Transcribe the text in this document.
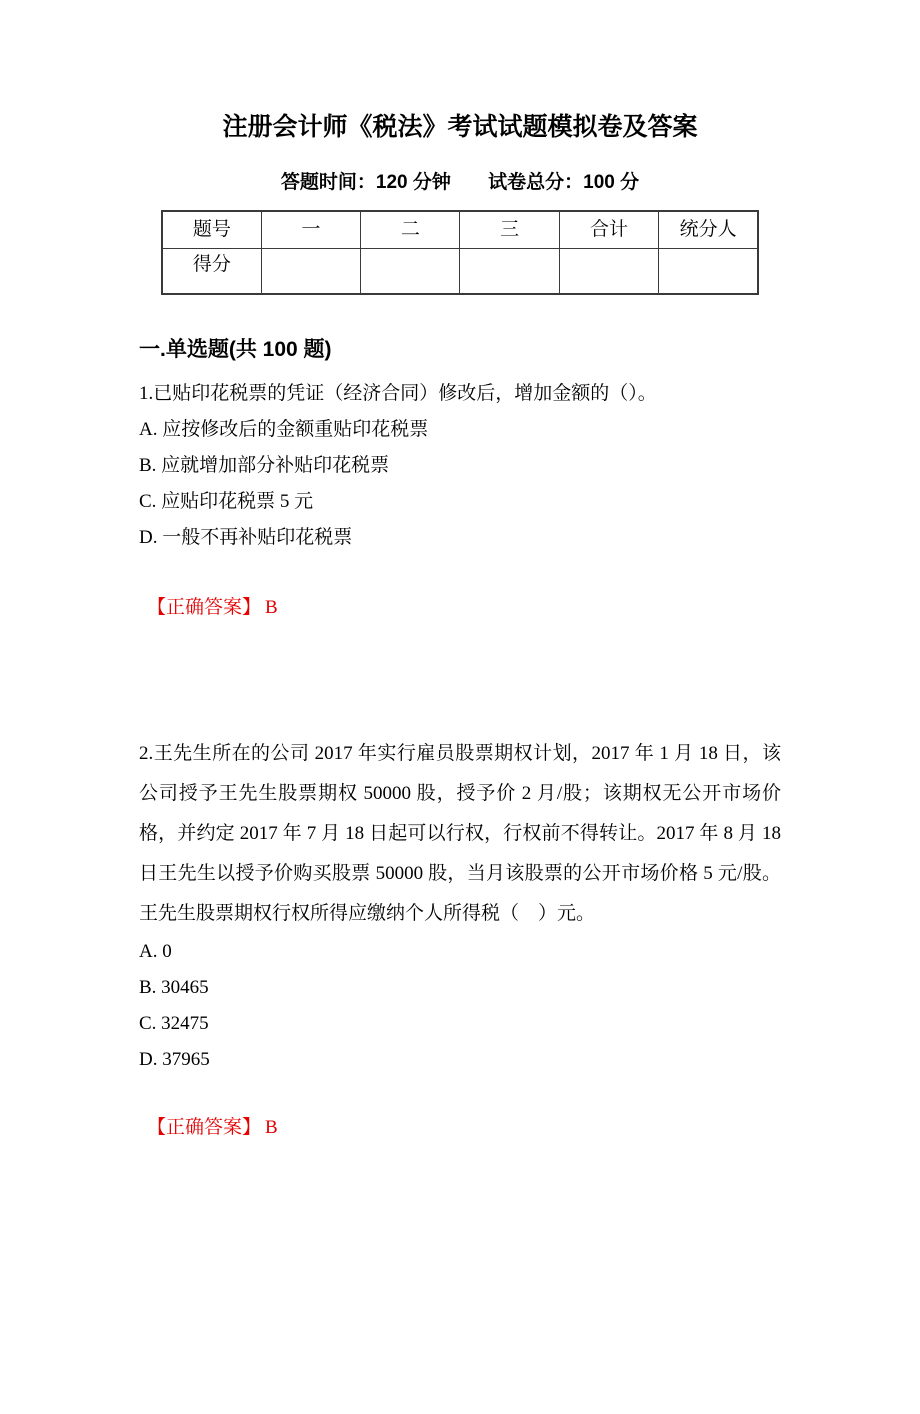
注册会计师《税法》考试试题模拟卷及答案
答题时间：120 分钟 试卷总分：100 分
题号	一	二	三	合计	统分人
得分					
一.单选题(共 100 题)
1.已贴印花税票的凭证（经济合同）修改后，增加金额的（）。
A. 应按修改后的金额重贴印花税票
B. 应就增加部分补贴印花税票
C. 应贴印花税票 5 元
D. 一般不再补贴印花税票
【正确答案】 B
2.王先生所在的公司 2017 年实行雇员股票期权计划，2017 年 1 月 18 日，该公司授予王先生股票期权 50000 股，授予价 2 月/股；该期权无公开市场价格，并约定 2017 年 7 月 18 日起可以行权，行权前不得转让。2017 年 8 月 18 日王先生以授予价购买股票 50000 股，当月该股票的公开市场价格 5 元/股。王先生股票期权行权所得应缴纳个人所得税（　）元。
A. 0
B. 30465
C. 32475
D. 37965
【正确答案】 B
